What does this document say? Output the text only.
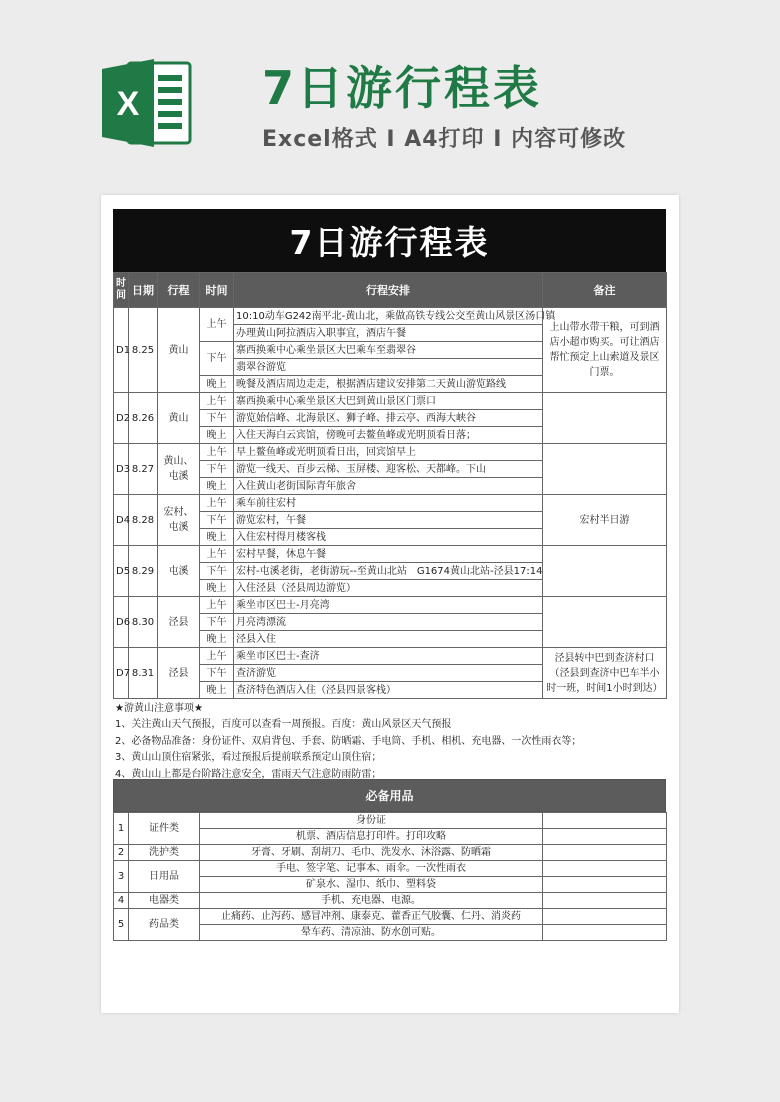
X	7日游行程表
Excel格式 I A4打印 I 内容可修改
7日游行程表
时间	日期	行程	时间	行程安排	备注
D1	8.25	黄山	上午	10:10动车G242南平北-黄山北，乘做高铁专线公交至黄山风景区汤口镇	上山带水带干粮，可到酒店小超市购买。可让酒店帮忙预定上山索道及景区门票。
				办理黄山阿拉酒店入职事宜，酒店午餐	
			下午	寨西换乘中心乘坐景区大巴乘车至翡翠谷	
				翡翠谷游览	
			晚上	晚餐及酒店周边走走，根据酒店建议安排第二天黄山游览路线	
D2	8.26	黄山	上午	寨西换乘中心乘坐景区大巴到黄山景区门票口	
			下午	游览始信峰、北海景区、狮子峰、排云亭、西海大峡谷	
			晚上	入住天海白云宾馆，傍晚可去鳌鱼峰或光明顶看日落；	
D3	8.27	黄山、屯溪	上午	早上鳌鱼峰或光明顶看日出，回宾馆早上	
			下午	游览一线天、百步云梯、玉屏楼、迎客松、天都峰。下山	
			晚上	入住黄山老街国际青年旅舍	
D4	8.28	宏村、屯溪	上午	乘车前往宏村	宏村半日游
			下午	游览宏村，午餐	
			晚上	入住宏村得月楼客栈	
D5	8.29	屯溪	上午	宏村早餐，休息午餐	
			下午	宏村-屯溪老街，老街游玩--至黄山北站　G1674黄山北站-泾县17:14	
			晚上	入住泾县（泾县周边游览）	
D6	8.30	泾县	上午	乘坐市区巴士-月亮湾	
			下午	月亮湾漂流	
			晚上	泾县入住	
D7	8.31	泾县	上午	乘坐市区巴士-查济	泾县转中巴到查济村口（泾县到查济中巴车半小时一班，时间1小时到达）
			下午	查济游览	
			晚上	查济特色酒店入住（泾县四景客栈）	
★游黄山注意事项★
1、关注黄山天气预报，百度可以查看一周预报。百度：黄山风景区天气预报
2、必备物品准备：身份证件、双肩背包、手套、防晒霜、手电筒、手机、相机、充电器、一次性雨衣等；
3、黄山山顶住宿紧张，看过预报后提前联系预定山顶住宿；
4、黄山山上都是台阶路注意安全，雷雨天气注意防雨防雷；
必备用品
1	证件类	身份证	
		机票、酒店信息打印件。打印攻略	
2	洗护类	牙膏、牙刷、刮胡刀、毛巾、洗发水、沐浴露、防晒霜	
3	日用品	手电、签字笔、记事本、雨伞。一次性雨衣	
		矿泉水、湿巾、纸巾、塑料袋	
4	电器类	手机、充电器、电源。	
5	药品类	止痛药、止泻药、感冒冲剂、康泰克、藿香正气胶囊、仁丹、消炎药	
		晕车药、清凉油、防水创可贴。	
